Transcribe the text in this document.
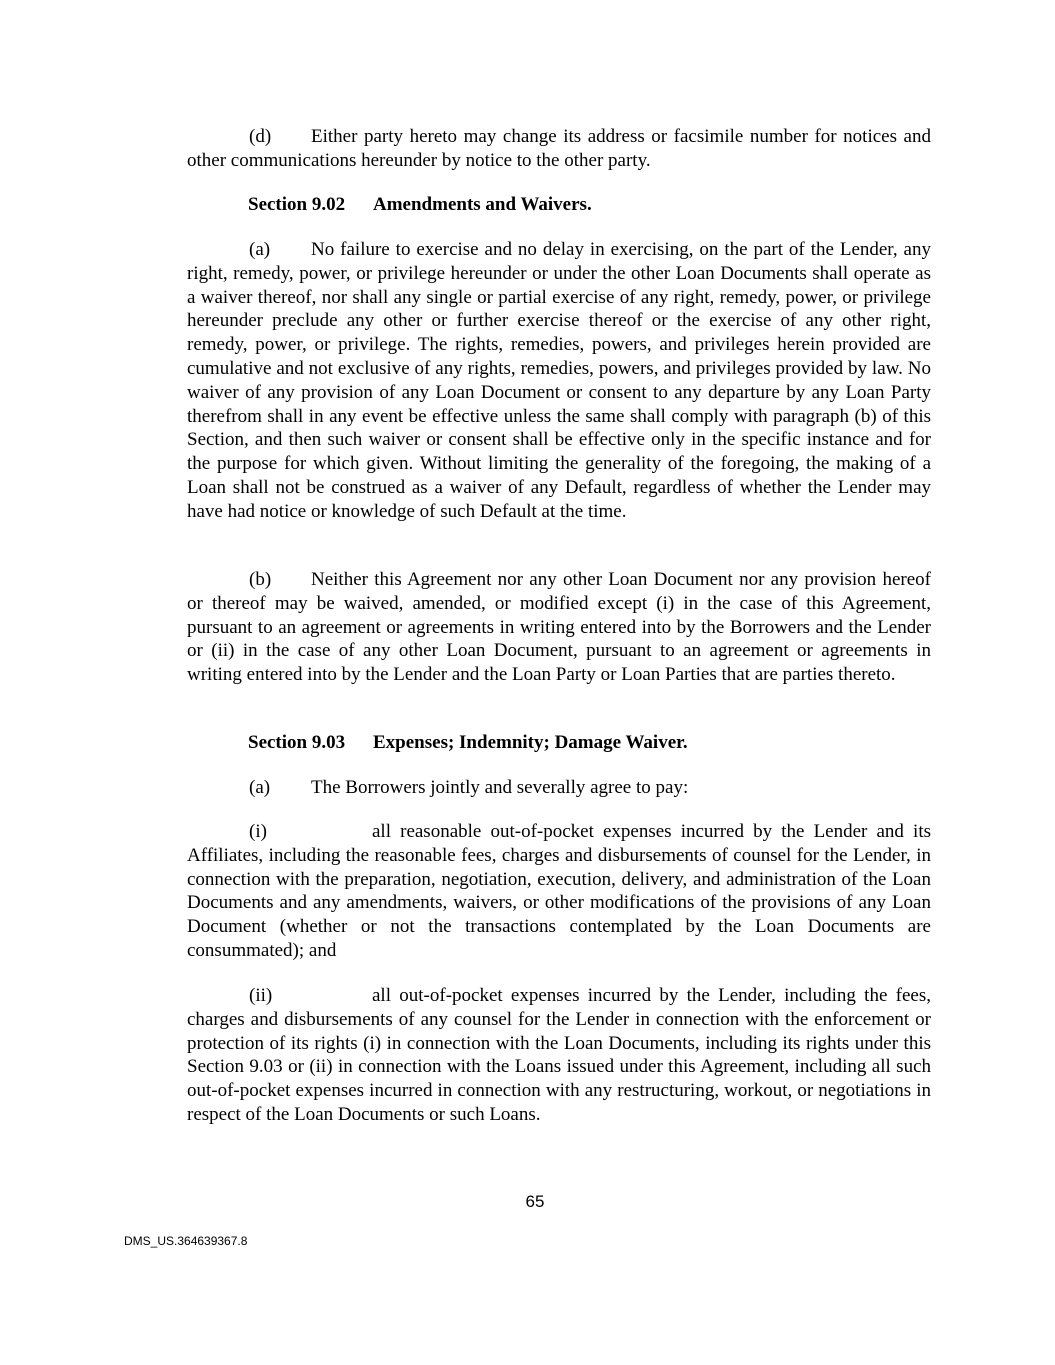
(d) Either party hereto may change its address or facsimile number for notices and other communications hereunder by notice to the other party.

Section 9.02 Amendments and Waivers.

(a) No failure to exercise and no delay in exercising, on the part of the Lender, any right, remedy, power, or privilege hereunder or under the other Loan Documents shall operate as a waiver thereof, nor shall any single or partial exercise of any right, remedy, power, or privilege hereunder preclude any other or further exercise thereof or the exercise of any other right, remedy, power, or privilege. The rights, remedies, powers, and privileges herein provided are cumulative and not exclusive of any rights, remedies, powers, and privileges provided by law. No waiver of any provision of any Loan Document or consent to any departure by any Loan Party therefrom shall in any event be effective unless the same shall comply with paragraph (b) of this Section, and then such waiver or consent shall be effective only in the specific instance and for the purpose for which given. Without limiting the generality of the foregoing, the making of a Loan shall not be construed as a waiver of any Default, regardless of whether the Lender may have had notice or knowledge of such Default at the time.

(b) Neither this Agreement nor any other Loan Document nor any provision hereof or thereof may be waived, amended, or modified except (i) in the case of this Agreement, pursuant to an agreement or agreements in writing entered into by the Borrowers and the Lender or (ii) in the case of any other Loan Document, pursuant to an agreement or agreements in writing entered into by the Lender and the Loan Party or Loan Parties that are parties thereto.

Section 9.03 Expenses; Indemnity; Damage Waiver.

(a) The Borrowers jointly and severally agree to pay:

(i)	all reasonable out-of-pocket expenses incurred by the Lender and its Affiliates, including the reasonable fees, charges and disbursements of counsel for the Lender, in connection with the preparation, negotiation, execution, delivery, and administration of the Loan Documents and any amendments, waivers, or other modifications of the provisions of any Loan Document (whether or not the transactions contemplated by the Loan Documents are consummated); and

(ii)	all out-of-pocket expenses incurred by the Lender, including the fees, charges and disbursements of any counsel for the Lender in connection with the enforcement or protection of its rights (i) in connection with the Loan Documents, including its rights under this Section 9.03 or (ii) in connection with the Loans issued under this Agreement, including all such out-of-pocket expenses incurred in connection with any restructuring, workout, or negotiations in respect of the Loan Documents or such Loans.

65
DMS_US.364639367.8
